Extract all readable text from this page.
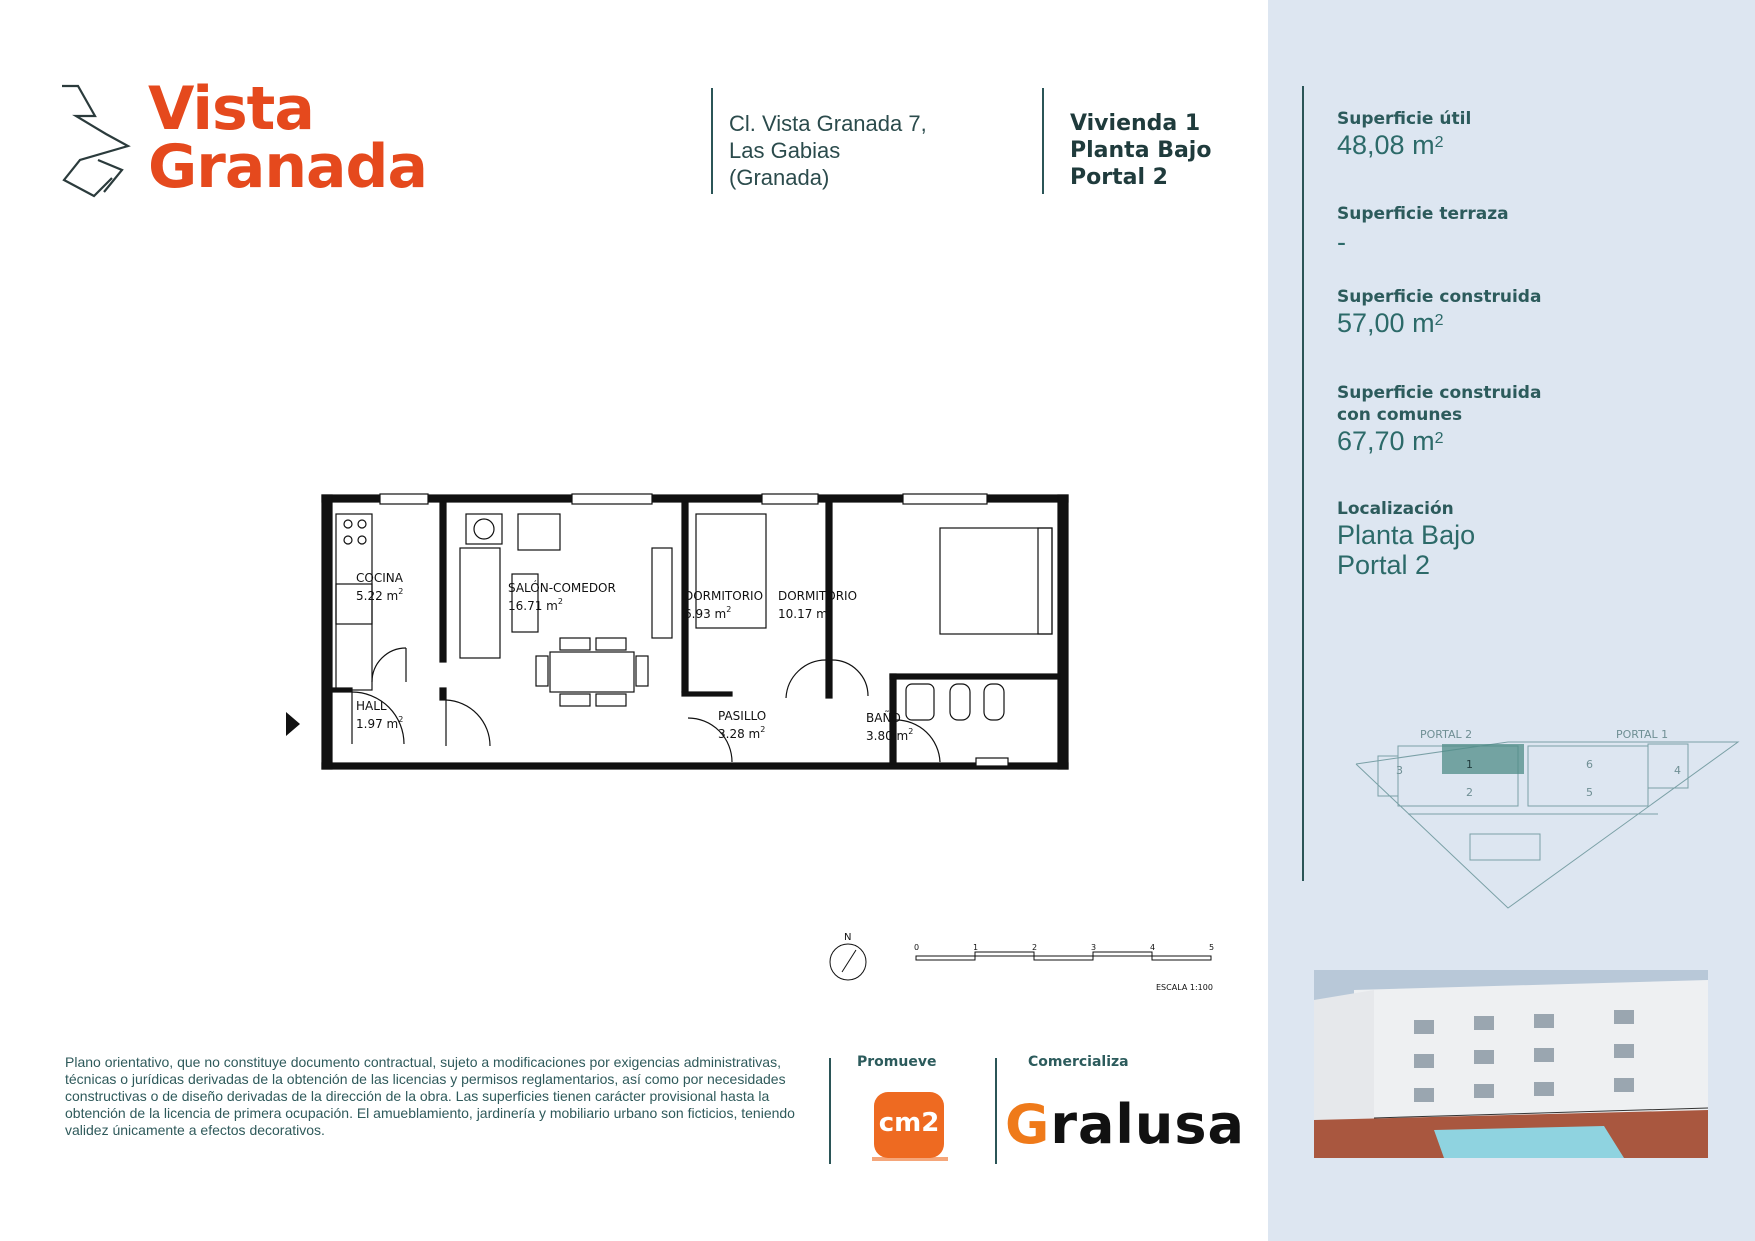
Vista
Granada
Cl. Vista Granada 7,
Las Gabias
(Granada)
Vivienda 1
Planta Bajo
Portal 2
Superficie útil
48,08 $m^2$
Superficie terraza
-
Superficie construida
57,00 $m^2$
Superficie construida
con comunes
67,70 $m^2$
Localización
Planta Bajo
Portal 2
COCINA
5.22 $m^2$	SALÓN-COMEDOR
16.71 $m^2$	DORMITORIO
6.93 $m^2$
DORMITORIO
10.17 $m^2$
HALL
1.97 $m^2$	PASILLO
3.28 $m^2$
BAÑO
3.80 $m^2$	PORTAL 2	PORTAL 1
1
2
3	4
5
6
N
0	1	2	3	4	5
ESCALA 1:100
Plano orientativo, que no constituye documento contractual, sujeto a modificaciones por exigencias administrativas, técnicas o jurídicas derivadas de la obtención de las licencias y permisos reglamentarios, así como por necesidades constructivas o de diseño derivadas de la dirección de la obra. Las superficies tienen carácter provisional hasta la obtención de la licencia de primera ocupación. El amueblamiento, jardinería y mobiliario urbano son ficticios, teniendo validez únicamente a efectos decorativos.
Promueve
cm2
Comercializa
Gralusa
